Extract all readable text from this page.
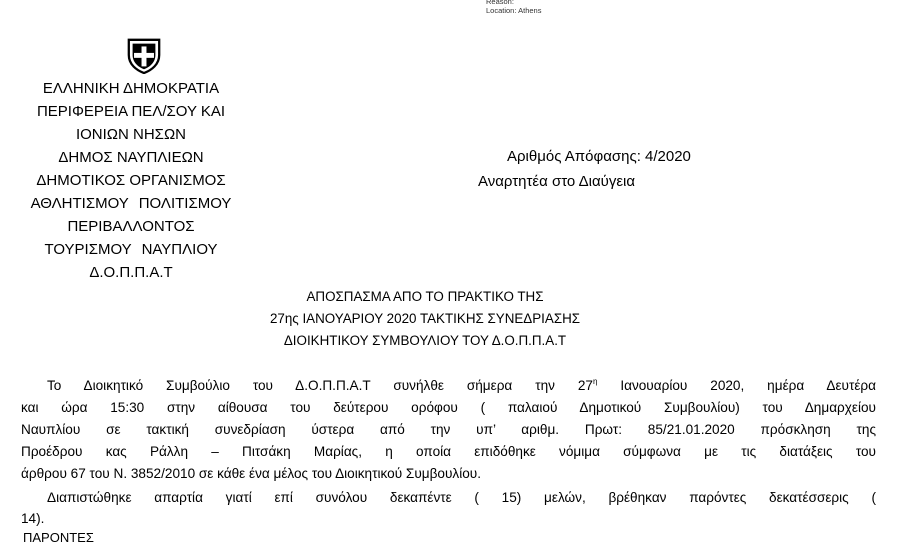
Reason:
Location: Athens
ΕΛΛΗΝΙΚΗ ΔΗΜΟΚΡΑΤΙΑ
ΠΕΡΙΦΕΡΕΙΑ ΠΕΛ/ΣΟΥ ΚΑΙ
ΙΟΝΙΩΝ ΝΗΣΩΝ
ΔΗΜΟΣ ΝΑΥΠΛΙΕΩΝ
ΔΗΜΟΤΙΚΟΣ ΟΡΓΑΝΙΣΜΟΣ
ΑΘΛΗΤΙΣΜΟΥ ΠΟΛΙΤΙΣΜΟΥ
ΠΕΡΙΒΑΛΛΟΝΤΟΣ
ΤΟΥΡΙΣΜΟΥ ΝΑΥΠΛΙΟΥ
Δ.Ο.Π.Π.Α.Τ
Αριθμός Απόφασης: 4/2020
Αναρτητέα στο Διαύγεια
ΑΠΟΣΠΑΣΜΑ ΑΠΟ ΤΟ ΠΡΑΚΤΙΚΟ ΤΗΣ
27ης ΙΑΝΟΥΑΡΙΟΥ 2020 ΤΑΚΤΙΚΗΣ ΣΥΝΕΔΡΙΑΣΗΣ
ΔΙΟΙΚΗΤΙΚΟΥ ΣΥΜΒΟΥΛΙΟΥ ΤΟΥ Δ.Ο.Π.Π.Α.Τ
Το Διοικητικό Συμβούλιο του Δ.Ο.Π.Π.Α.Τ συνήλθε σήμερα την $27^\eta$ Ιανουαρίου 2020, ημέρα Δευτέρα
και ώρα 15:30 στην αίθουσα του δεύτερου ορόφου ( παλαιού Δημοτικού Συμβουλίου) του Δημαρχείου
Ναυπλίου σε τακτική συνεδρίαση ύστερα από την υπ’ αριθμ. Πρωτ: 85/21.01.2020 πρόσκληση της
Προέδρου κας Ράλλη – Πιτσάκη Μαρίας, η οποία επιδόθηκε νόμιμα σύμφωνα με τις διατάξεις του
άρθρου 67 του Ν. 3852/2010 σε κάθε ένα μέλος του Διοικητικού Συμβουλίου.
Διαπιστώθηκε απαρτία γιατί επί συνόλου δεκαπέντε ( 15) μελών, βρέθηκαν παρόντες δεκατέσσερις (
14).
ΠΑΡΟΝΤΕΣ
